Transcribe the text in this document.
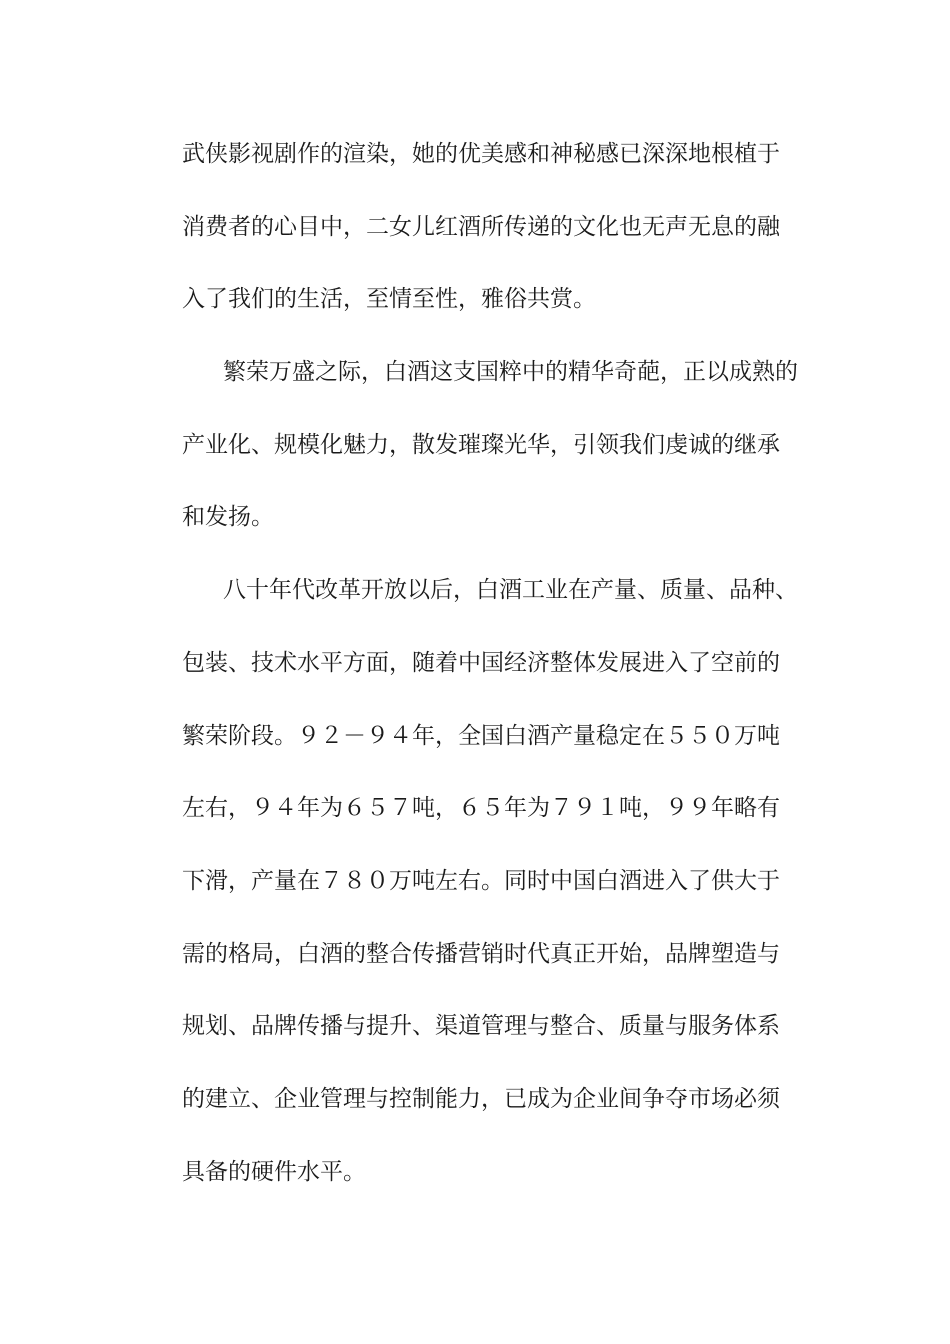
武侠影视剧作的渲染，她的优美感和神秘感已深深地根植于
消费者的心目中，二女儿红酒所传递的文化也无声无息的融
入了我们的生活，至情至性，雅俗共赏。
繁荣万盛之际，白酒这支国粹中的精华奇葩，正以成熟的
产业化、规模化魅力，散发璀璨光华，引领我们虔诚的继承
和发扬。
八十年代改革开放以后，白酒工业在产量、质量、品种、
包装、技术水平方面，随着中国经济整体发展进入了空前的
繁荣阶段。９２－９４年，全国白酒产量稳定在５５０万吨
左右，９４年为６５７吨，６５年为７９１吨，９９年略有
下滑，产量在７８０万吨左右。同时中国白酒进入了供大于
需的格局，白酒的整合传播营销时代真正开始，品牌塑造与
规划、品牌传播与提升、渠道管理与整合、质量与服务体系
的建立、企业管理与控制能力，已成为企业间争夺市场必须
具备的硬件水平。
